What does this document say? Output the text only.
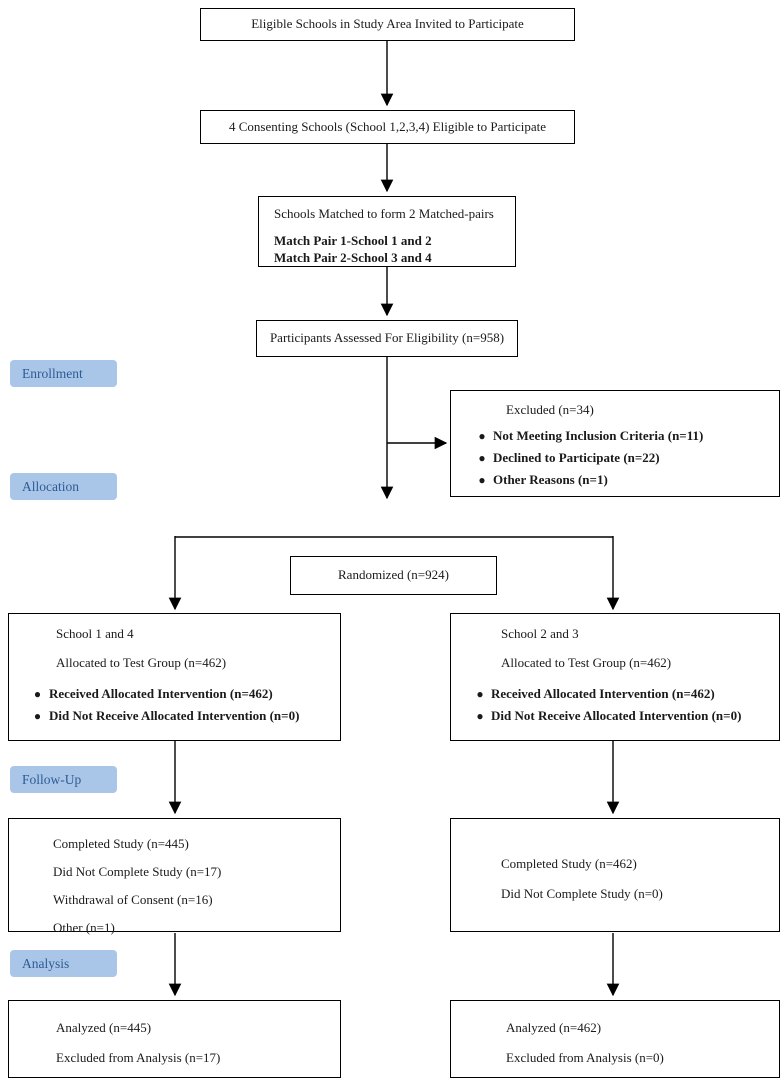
Eligible Schools in Study Area Invited to Participate
4 Consenting Schools (School 1,2,3,4) Eligible to Participate
Schools Matched to form 2 Matched-pairs
Match Pair 1-School 1 and 2
Match Pair 2-School 3 and 4
Participants Assessed For Eligibility (n=958)
Enrollment
Allocation
Follow-Up
Analysis
Excluded (n=34)
● Not Meeting Inclusion Criteria (n=11)
● Declined to Participate (n=22)
● Other Reasons (n=1)
Randomized (n=924)
School 1 and 4
Allocated to Test Group (n=462)
● Received Allocated Intervention (n=462)
● Did Not Receive Allocated Intervention (n=0)
School 2 and 3
Allocated to Test Group (n=462)
● Received Allocated Intervention (n=462)
● Did Not Receive Allocated Intervention (n=0)
Completed Study (n=445)
Did Not Complete Study (n=17)
Withdrawal of Consent (n=16)
Other (n=1)
Completed Study (n=462)
Did Not Complete Study (n=0)
Analyzed (n=445)
Excluded from Analysis (n=17)
Analyzed (n=462)
Excluded from Analysis (n=0)
